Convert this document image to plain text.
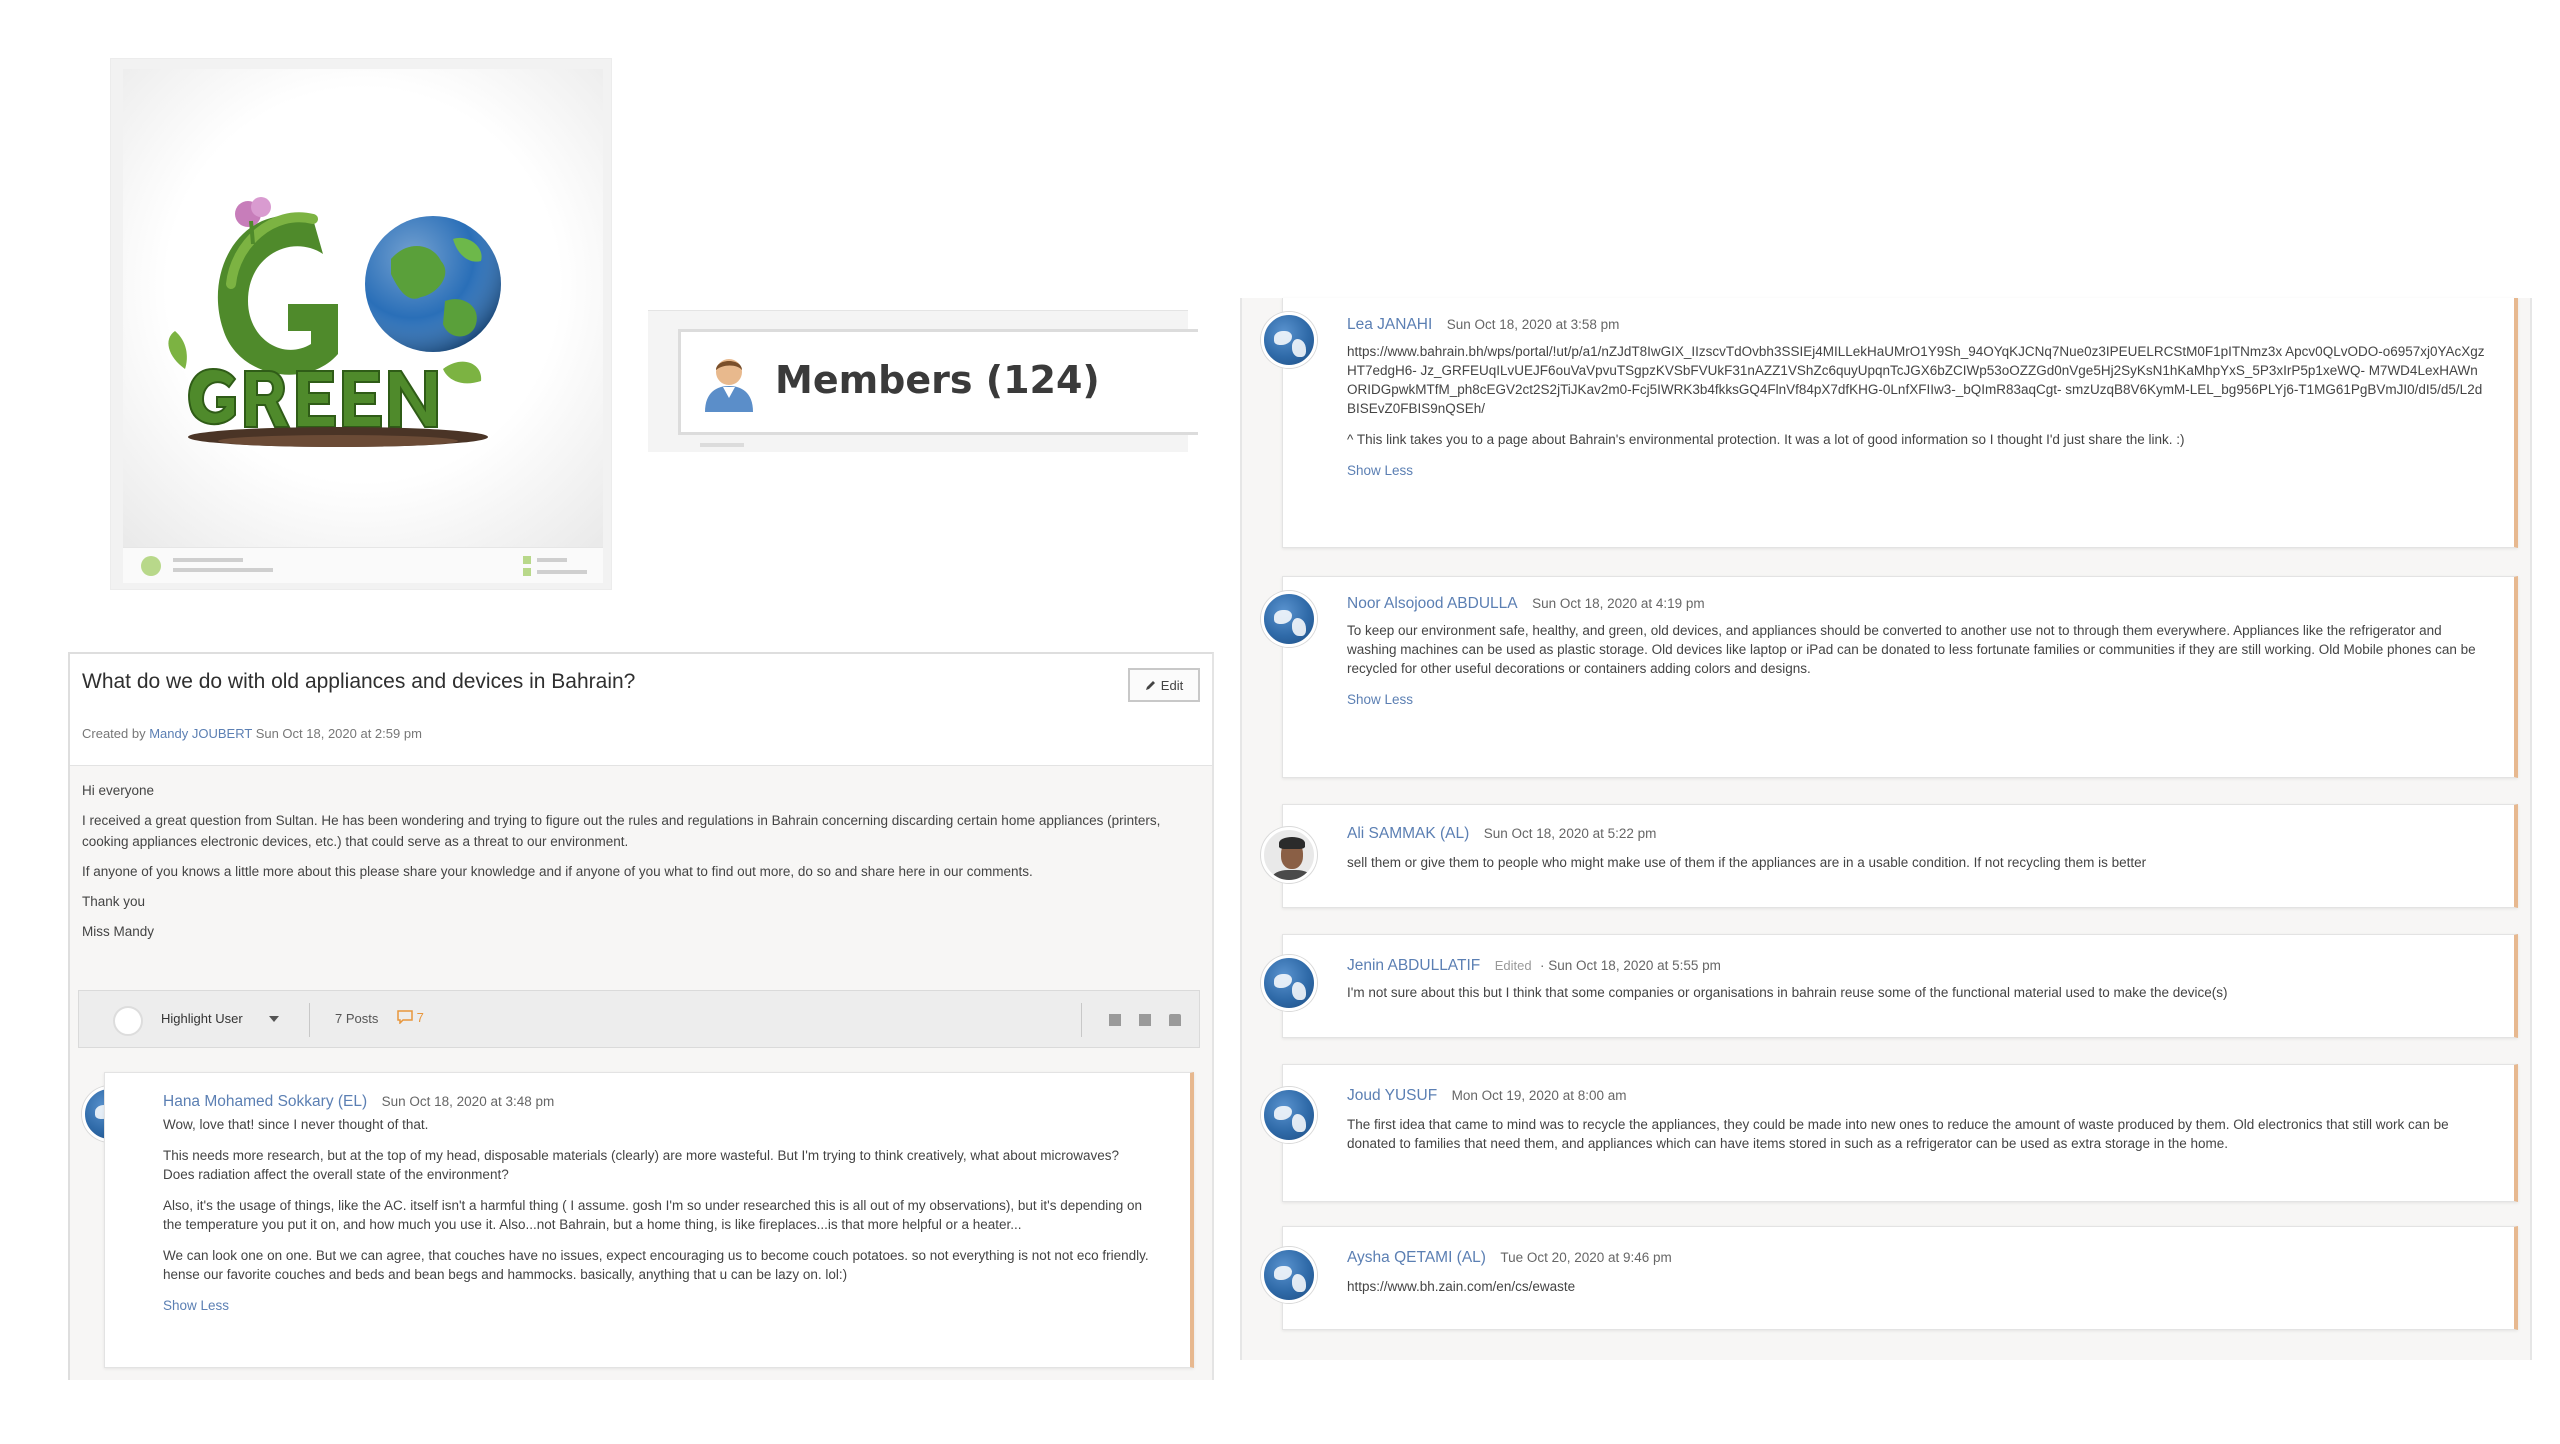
Members (124)
What do we do with old appliances and devices in Bahrain?	Edit
Created by Mandy JOUBERT Sun Oct 18, 2020 at 2:59 pm

Hi everyone

I received a great question from Sultan. He has been wondering and trying to figure out the rules and regulations in Bahrain concerning discarding certain home appliances (printers, cooking appliances electronic devices, etc.) that could serve as a threat to our environment.

If anyone of you knows a little more about this please share your knowledge and if anyone of you what to find out more, do so and share here in our comments.

Thank you

Miss Mandy

Highlight User	7 Posts	7
Hana Mohamed Sokkary (EL) Sun Oct 18, 2020 at 3:48 pm

Wow, love that! since I never thought of that.

This needs more research, but at the top of my head, disposable materials (clearly) are more wasteful. But I'm trying to think creatively, what about microwaves? Does radiation affect the overall state of the environment?

Also, it's the usage of things, like the AC. itself isn't a harmful thing ( I assume. gosh I'm so under researched this is all out of my observations), but it's depending on the temperature you put it on, and how much you use it. Also...not Bahrain, but a home thing, is like fireplaces...is that more helpful or a heater...

We can look one on one. But we can agree, that couches have no issues, expect encouraging us to become couch potatoes. so not everything is not not eco friendly. hense our favorite couches and beds and bean begs and hammocks. basically, anything that u can be lazy on. lol:)

Show Less
Lea JANAHI Sun Oct 18, 2020 at 3:58 pm

https://www.bahrain.bh/wps/portal/!ut/p/a1/nZJdT8IwGIX_IIzscvTdOvbh3SSIEj4MILLekHaUMrO1Y9Sh_94OYqKJCNq7Nue0z3IPEUELRCStM0F1pITNmz3x Apcv0QLvODO-o6957xj0YAcXgzHT7edgH6- Jz_GRFEUqILvUEJF6ouVaVpvuTSgpzKVSbFVUkF31nAZZ1VShZc6quyUpqnTcJGX6bZCIWp53oOZZGd0nVge5Hj2SyKsN1hKaMhpYxS_5P3xIrP5p1xeWQ- M7WD4LexHAWnORIDGpwkMTfM_ph8cEGV2ct2S2jTiJKav2m0-Fcj5IWRK3b4fkksGQ4FlnVf84pX7dfKHG-0LnfXFIIw3-_bQImR83aqCgt- smzUzqB8V6KymM-LEL_bg956PLYj6-T1MG61PgBVmJI0/dI5/d5/L2dBISEvZ0FBIS9nQSEh/

^ This link takes you to a page about Bahrain's environmental protection. It was a lot of good information so I thought I'd just share the link. :)

Show Less
Noor Alsojood ABDULLA Sun Oct 18, 2020 at 4:19 pm

To keep our environment safe, healthy, and green, old devices, and appliances should be converted to another use not to through them everywhere. Appliances like the refrigerator and washing machines can be used as plastic storage. Old devices like laptop or iPad can be donated to less fortunate families or communities if they are still working. Old Mobile phones can be recycled for other useful decorations or containers adding colors and designs.

Show Less
Ali SAMMAK (AL) Sun Oct 18, 2020 at 5:22 pm

sell them or give them to people who might make use of them if the appliances are in a usable condition. If not recycling them is better

Jenin ABDULLATIF Edited · Sun Oct 18, 2020 at 5:55 pm

I'm not sure about this but I think that some companies or organisations in bahrain reuse some of the functional material used to make the device(s)

Joud YUSUF Mon Oct 19, 2020 at 8:00 am

The first idea that came to mind was to recycle the appliances, they could be made into new ones to reduce the amount of waste produced by them. Old electronics that still work can be donated to families that need them, and appliances which can have items stored in such as a refrigerator can be used as extra storage in the home.

Aysha QETAMI (AL) Tue Oct 20, 2020 at 9:46 pm

https://www.bh.zain.com/en/cs/ewaste
